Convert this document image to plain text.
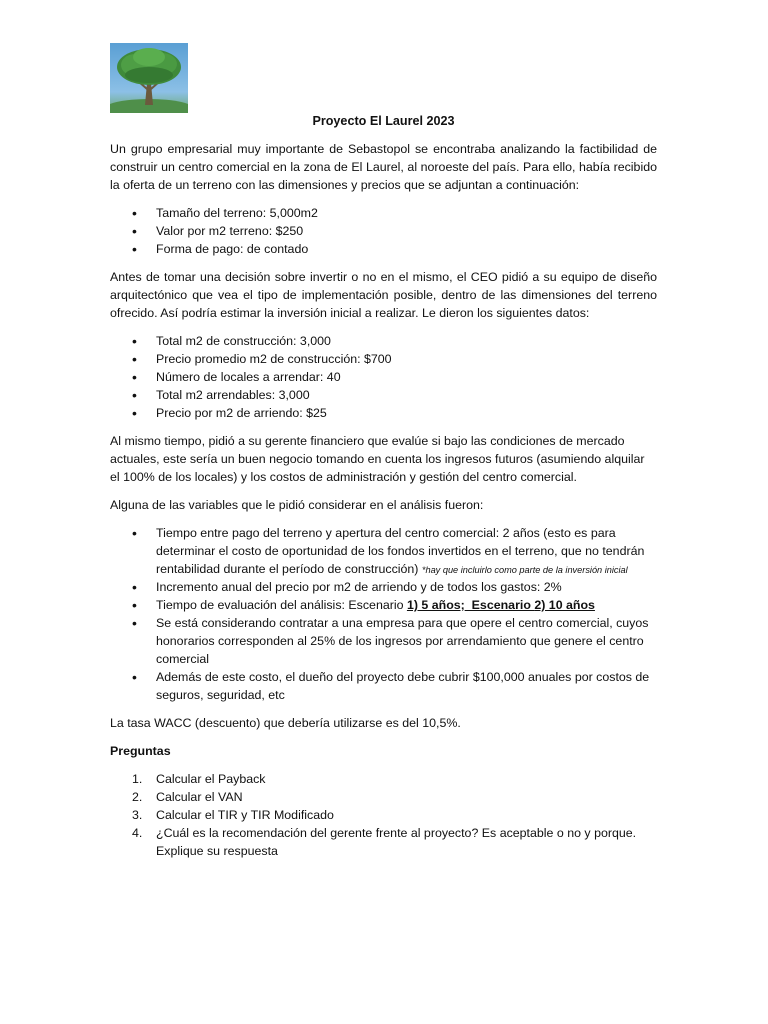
Proyecto El Laurel 2023

Un grupo empresarial muy importante de Sebastopol se encontraba analizando la factibilidad de construir un centro comercial en la zona de El Laurel, al noroeste del país. Para ello, había recibido la oferta de un terreno con las dimensiones y precios que se adjuntan a continuación:

• Tamaño del terreno: 5,000m2
• Valor por m2 terreno: $250
• Forma de pago: de contado

Antes de tomar una decisión sobre invertir o no en el mismo, el CEO pidió a su equipo de diseño arquitectónico que vea el tipo de implementación posible, dentro de las dimensiones del terreno ofrecido. Así podría estimar la inversión inicial a realizar. Le dieron los siguientes datos:

• Total m2 de construcción: 3,000
• Precio promedio m2 de construcción: $700
• Número de locales a arrendar: 40
• Total m2 arrendables: 3,000
• Precio por m2 de arriendo: $25

Al mismo tiempo, pidió a su gerente financiero que evalúe si bajo las condiciones de mercado actuales, este sería un buen negocio tomando en cuenta los ingresos futuros (asumiendo alquilar el 100% de los locales) y los costos de administración y gestión del centro comercial.

Alguna de las variables que le pidió considerar en el análisis fueron:

• Tiempo entre pago del terreno y apertura del centro comercial: 2 años (esto es para determinar el costo de oportunidad de los fondos invertidos en el terreno, que no tendrán rentabilidad durante el período de construcción) *hay que incluirlo como parte de la inversión inicial
• Incremento anual del precio por m2 de arriendo y de todos los gastos: 2%
• Tiempo de evaluación del análisis: Escenario 1) 5 años;  Escenario 2) 10 años
• Se está considerando contratar a una empresa para que opere el centro comercial, cuyos honorarios corresponden al 25% de los ingresos por arrendamiento que genere el centro comercial
• Además de este costo, el dueño del proyecto debe cubrir $100,000 anuales por costos de seguros, seguridad, etc

La tasa WACC (descuento) que debería utilizarse es del 10,5%.

Preguntas
1. Calcular el Payback
2. Calcular el VAN
3. Calcular el TIR y TIR Modificado
4. ¿Cuál es la recomendación del gerente frente al proyecto? Es aceptable o no y porque. Explique su respuesta
